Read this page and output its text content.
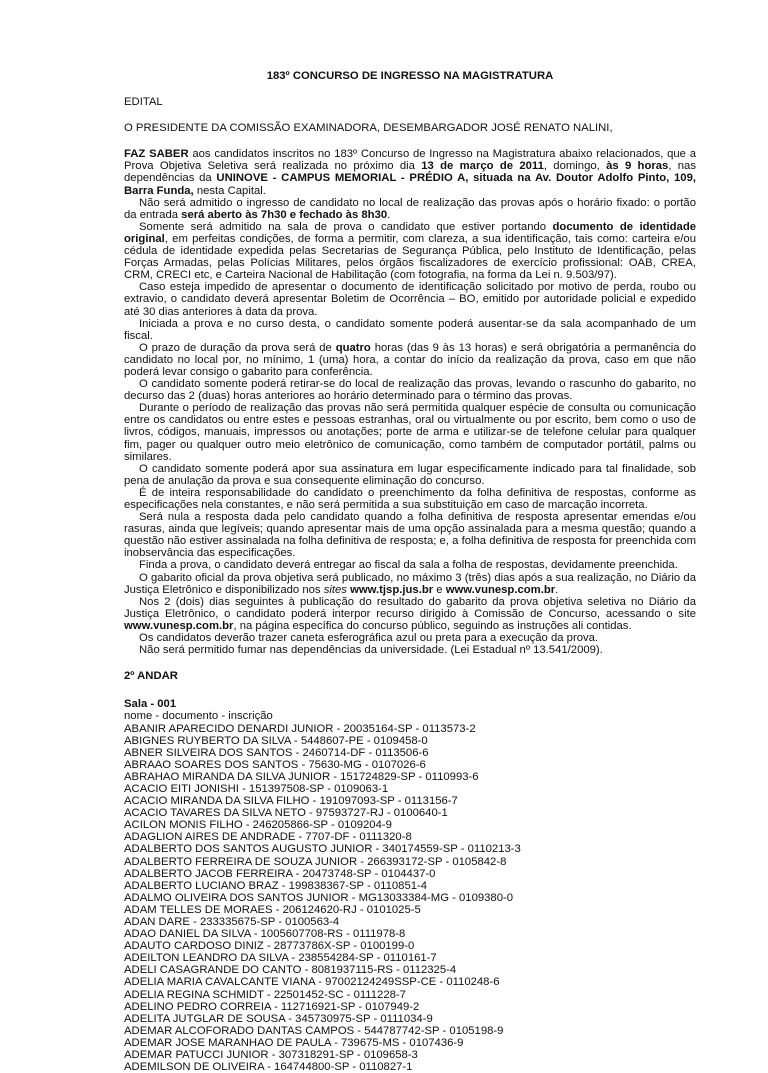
183º CONCURSO DE INGRESSO NA MAGISTRATURA
EDITAL
O PRESIDENTE DA COMISSÃO EXAMINADORA, DESEMBARGADOR JOSÉ RENATO NALINI,

FAZ SABER aos candidatos inscritos no 183º Concurso de Ingresso na Magistratura abaixo relacionados, que a Prova Objetiva Seletiva será realizada no próximo dia 13 de março de 2011, domingo, às 9 horas, nas dependências da UNINOVE - CAMPUS MEMORIAL - PRÉDIO A, situada na Av. Doutor Adolfo Pinto, 109, Barra Funda, nesta Capital.

Não será admitido o ingresso de candidato no local de realização das provas após o horário fixado: o portão da entrada será aberto às 7h30 e fechado às 8h30.

Somente será admitido na sala de prova o candidato que estiver portando documento de identidade original, em perfeitas condições, de forma a permitir, com clareza, a sua identificação, tais como: carteira e/ou cédula de identidade expedida pelas Secretarias de Segurança Pública, pelo Instituto de Identificação, pelas Forças Armadas, pelas Polícias Militares, pelos órgãos fiscalizadores de exercício profissional: OAB, CREA, CRM, CRECI etc, e Carteira Nacional de Habilitação (com fotografia, na forma da Lei n. 9.503/97).

Caso esteja impedido de apresentar o documento de identificação solicitado por motivo de perda, roubo ou extravio, o candidato deverá apresentar Boletim de Ocorrência – BO, emitido por autoridade policial e expedido até 30 dias anteriores à data da prova.

Iniciada a prova e no curso desta, o candidato somente poderá ausentar-se da sala acompanhado de um fiscal.

O prazo de duração da prova será de quatro horas (das 9 às 13 horas) e será obrigatória a permanência do candidato no local por, no mínimo, 1 (uma) hora, a contar do início da realização da prova, caso em que não poderá levar consigo o gabarito para conferência.

O candidato somente poderá retirar-se do local de realização das provas, levando o rascunho do gabarito, no decurso das 2 (duas) horas anteriores ao horário determinado para o término das provas.

Durante o período de realização das provas não será permitida qualquer espécie de consulta ou comunicação entre os candidatos ou entre estes e pessoas estranhas, oral ou virtualmente ou por escrito, bem como o uso de livros, códigos, manuais, impressos ou anotações; porte de arma e utilizar-se de telefone celular para qualquer fim, pager ou qualquer outro meio eletrônico de comunicação, como também de computador portátil, palms ou similares.

O candidato somente poderá apor sua assinatura em lugar especificamente indicado para tal finalidade, sob pena de anulação da prova e sua consequente eliminação do concurso.

É de inteira responsabilidade do candidato o preenchimento da folha definitiva de respostas, conforme as especificações nela constantes, e não será permitida a sua substituição em caso de marcação incorreta.

Será nula a resposta dada pelo candidato quando a folha definitiva de resposta apresentar emendas e/ou rasuras, ainda que legíveis; quando apresentar mais de uma opção assinalada para a mesma questão; quando a questão não estiver assinalada na folha definitiva de resposta; e, a folha definitiva de resposta for preenchida com inobservância das especificações.

Finda a prova, o candidato deverá entregar ao fiscal da sala a folha de respostas, devidamente preenchida.

O gabarito oficial da prova objetiva será publicado, no máximo 3 (três) dias após a sua realização, no Diário da Justiça Eletrônico e disponibilizado nos sites www.tjsp.jus.br e www.vunesp.com.br.

Nos 2 (dois) dias seguintes à publicação do resultado do gabarito da prova objetiva seletiva no Diário da Justiça Eletrônico, o candidato poderá interpor recurso dirigido à Comissão de Concurso, acessando o site www.vunesp.com.br, na página específica do concurso público, seguindo as instruções ali contidas.

Os candidatos deverão trazer caneta esferográfica azul ou preta para a execução da prova.

Não será permitido fumar nas dependências da universidade. (Lei Estadual nº 13.541/2009).

2º ANDAR
Sala - 001
nome - documento - inscrição
ABANIR APARECIDO DENARDI JUNIOR - 20035164-SP - 0113573-2
ABIGNES RUYBERTO DA SILVA - 5448607-PE - 0109458-0
ABNER SILVEIRA DOS SANTOS - 2460714-DF - 0113506-6
ABRAAO SOARES DOS SANTOS - 75630-MG - 0107026-6
ABRAHAO MIRANDA DA SILVA JUNIOR - 151724829-SP - 0110993-6
ACACIO EITI JONISHI - 151397508-SP - 0109063-1
ACACIO MIRANDA DA SILVA FILHO - 191097093-SP - 0113156-7
ACACIO TAVARES DA SILVA NETO - 97593727-RJ - 0100640-1
ACILON MONIS FILHO - 246205866-SP - 0109204-9
ADAGLION AIRES DE ANDRADE - 7707-DF - 0111320-8
ADALBERTO DOS SANTOS AUGUSTO JUNIOR - 340174559-SP - 0110213-3
ADALBERTO FERREIRA DE SOUZA JUNIOR - 266393172-SP - 0105842-8
ADALBERTO JACOB FERREIRA - 20473748-SP - 0104437-0
ADALBERTO LUCIANO BRAZ - 199838367-SP - 0110851-4
ADALMO OLIVEIRA DOS SANTOS JUNIOR - MG13033384-MG - 0109380-0
ADAM TELLES DE MORAES - 206124620-RJ - 0101025-5
ADAN DARE - 233335675-SP - 0100563-4
ADAO DANIEL DA SILVA - 1005607708-RS - 0111978-8
ADAUTO CARDOSO DINIZ - 28773786X-SP - 0100199-0
ADEILTON LEANDRO DA SILVA - 238554284-SP - 0110161-7
ADELI CASAGRANDE DO CANTO - 8081937115-RS - 0112325-4
ADELIA MARIA CAVALCANTE VIANA - 97002124249SSP-CE - 0110248-6
ADELIA REGINA SCHMIDT - 22501452-SC - 0111228-7
ADELINO PEDRO CORREIA - 112716921-SP - 0107949-2
ADELITA JUTGLAR DE SOUSA - 345730975-SP - 0111034-9
ADEMAR ALCOFORADO DANTAS CAMPOS - 544787742-SP - 0105198-9
ADEMAR JOSE MARANHAO DE PAULA - 739675-MS - 0107436-9
ADEMAR PATUCCI JUNIOR - 307318291-SP - 0109658-3
ADEMILSON DE OLIVEIRA - 164744800-SP - 0110827-1
